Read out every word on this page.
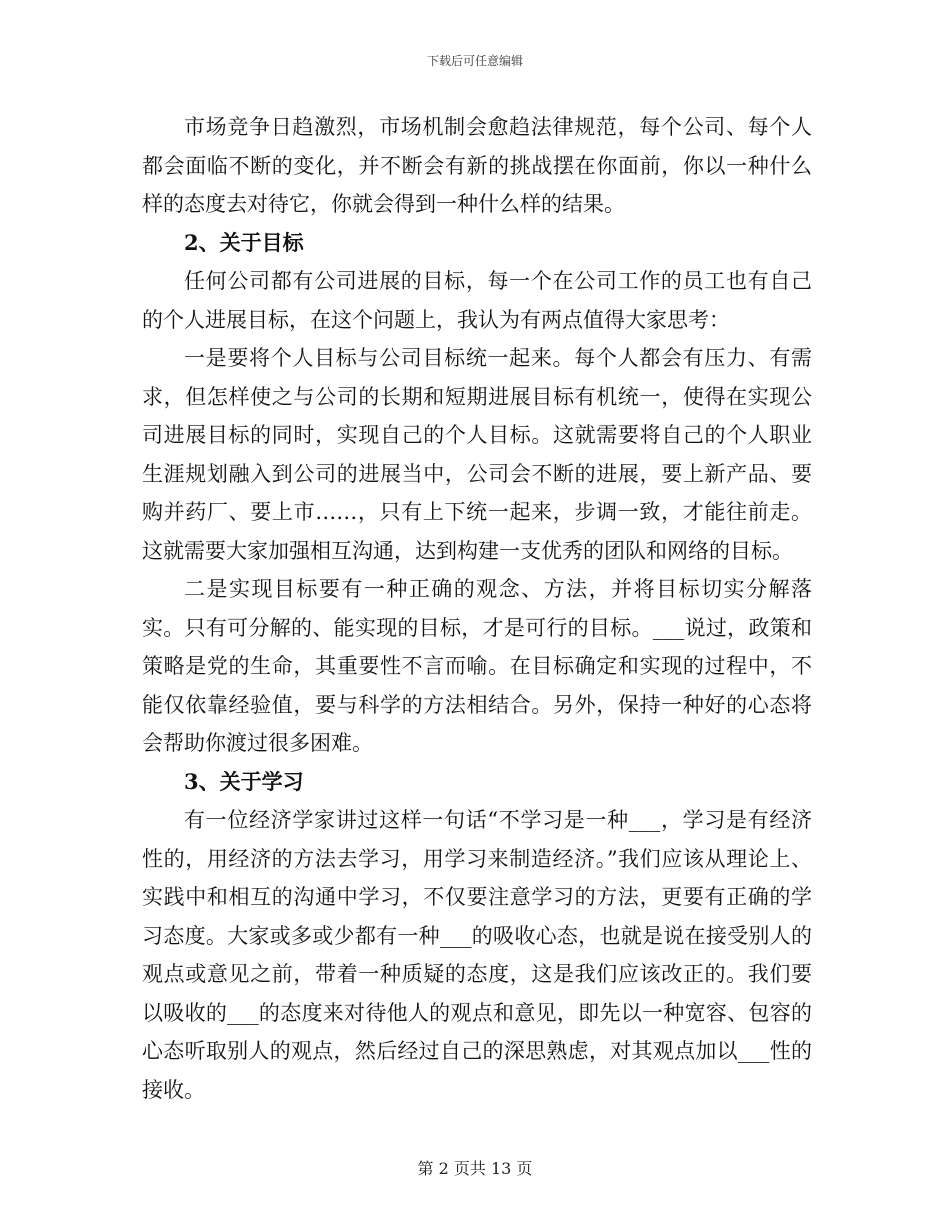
下载后可任意编辑

市场竞争日趋激烈，市场机制会愈趋法律规范，每个公司、每个人都会面临不断的变化，并不断会有新的挑战摆在你面前，你以一种什么样的态度去对待它，你就会得到一种什么样的结果。

2、关于目标

任何公司都有公司进展的目标，每一个在公司工作的员工也有自己的个人进展目标，在这个问题上，我认为有两点值得大家思考：

一是要将个人目标与公司目标统一起来。每个人都会有压力、有需求，但怎样使之与公司的长期和短期进展目标有机统一，使得在实现公司进展目标的同时，实现自己的个人目标。这就需要将自己的个人职业生涯规划融入到公司的进展当中，公司会不断的进展，要上新产品、要购并药厂、要上市……，只有上下统一起来，步调一致，才能往前走。这就需要大家加强相互沟通，达到构建一支优秀的团队和网络的目标。

二是实现目标要有一种正确的观念、方法，并将目标切实分解落实。只有可分解的、能实现的目标，才是可行的目标。___说过，政策和策略是党的生命，其重要性不言而喻。在目标确定和实现的过程中，不能仅依靠经验值，要与科学的方法相结合。另外，保持一种好的心态将会帮助你渡过很多困难。

3、关于学习

有一位经济学家讲过这样一句话“不学习是一种___，学习是有经济性的，用经济的方法去学习，用学习来制造经济。”我们应该从理论上、实践中和相互的沟通中学习，不仅要注意学习的方法，更要有正确的学习态度。大家或多或少都有一种___的吸收心态，也就是说在接受别人的观点或意见之前，带着一种质疑的态度，这是我们应该改正的。我们要以吸收的___的态度来对待他人的观点和意见，即先以一种宽容、包容的心态听取别人的观点，然后经过自己的深思熟虑，对其观点加以___性的接收。

第 2 页共 13 页
